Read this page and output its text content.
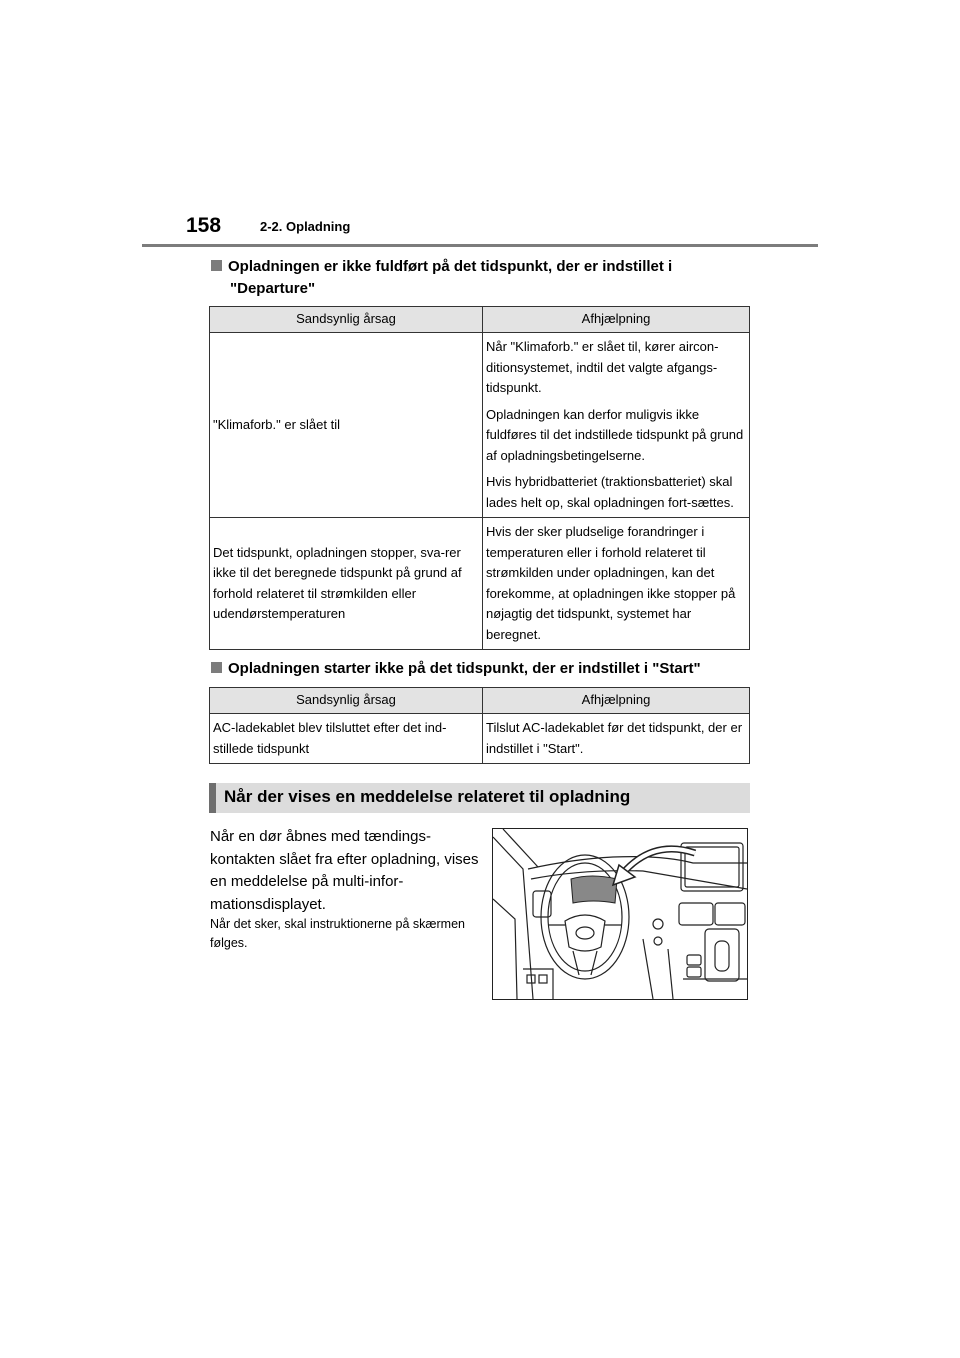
158	2-2. Opladning
Opladningen er ikke fuldført på det tidspunkt, der er indstillet i
"Departure"
Sandsynlig årsag	Afhjælpning
"Klimaforb." er slået til	Når "Klimaforb." er slået til, kører aircon-ditionsystemet, indtil det valgte afgangs-tidspunkt.

Opladningen kan derfor muligvis ikke fuldføres til det indstillede tidspunkt på grund af opladningsbetingelserne.

Hvis hybridbatteriet (traktionsbatteriet) skal lades helt op, skal opladningen fort-sættes.

Det tidspunkt, opladningen stopper, sva-rer ikke til det beregnede tidspunkt på grund af forhold relateret til strømkilden eller udendørstemperaturen	Hvis der sker pludselige forandringer i temperaturen eller i forhold relateret til strømkilden under opladningen, kan det forekomme, at opladningen ikke stopper på nøjagtig det tidspunkt, systemet har beregnet.

Opladningen starter ikke på det tidspunkt, der er indstillet i "Start"
Sandsynlig årsag	Afhjælpning
AC-ladekablet blev tilsluttet efter det ind-stillede tidspunkt	Tilslut AC-ladekablet før det tidspunkt, der er indstillet i "Start".
Når der vises en meddelelse relateret til opladning
Når en dør åbnes med tændings-kontakten slået fra efter opladning, vises en meddelelse på multi-infor-mationsdisplayet.
Når det sker, skal instruktionerne på skærmen følges.
